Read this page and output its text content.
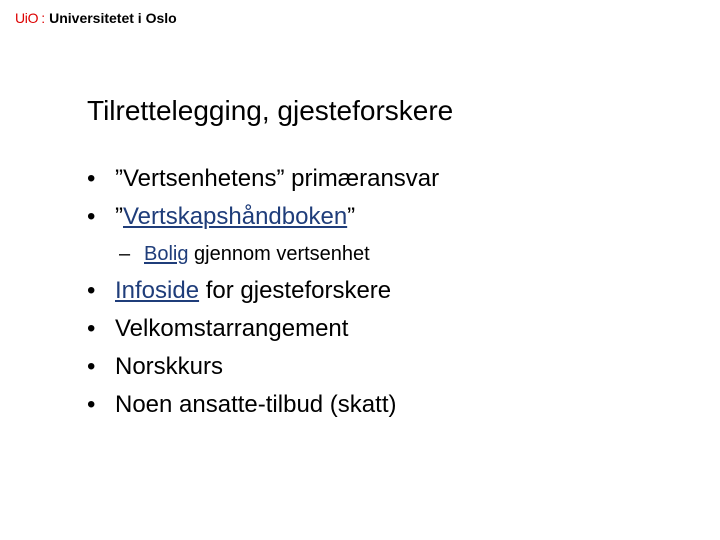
UiO : Universitetet i Oslo
Tilrettelegging, gjesteforskere
• ”Vertsenhetens” primæransvar
• ”Vertskapshåndboken”
– Bolig gjennom vertsenhet
• Infoside for gjesteforskere
• Velkomstarrangement
• Norskkurs
• Noen ansatte-tilbud (skatt)
